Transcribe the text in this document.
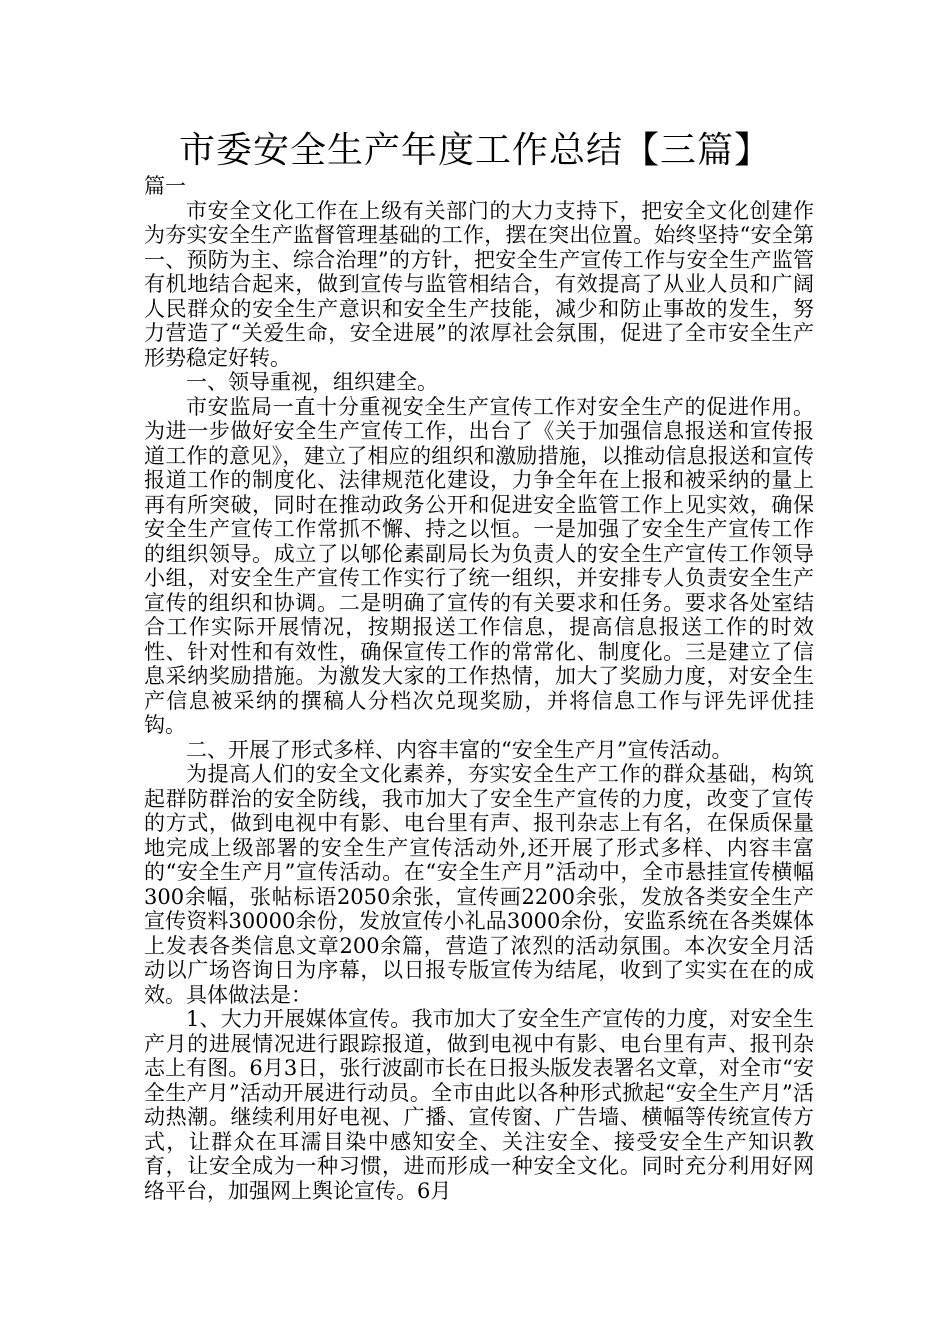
市委安全生产年度工作总结【三篇】

篇一

市安全文化工作在上级有关部门的大力支持下，把安全文化创建作为夯实安全生产监督管理基础的工作，摆在突出位置。始终坚持“安全第一、预防为主、综合治理”的方针，把安全生产宣传工作与安全生产监管有机地结合起来，做到宣传与监管相结合，有效提高了从业人员和广阔人民群众的安全生产意识和安全生产技能，减少和防止事故的发生，努力营造了“关爱生命，安全进展”的浓厚社会氛围，促进了全市安全生产形势稳定好转。

一、领导重视，组织建全。

市安监局一直十分重视安全生产宣传工作对安全生产的促进作用。为进一步做好安全生产宣传工作，出台了《关于加强信息报送和宣传报道工作的意见》，建立了相应的组织和激励措施，以推动信息报送和宣传报道工作的制度化、法律规范化建设，力争全年在上报和被采纳的量上再有所突破，同时在推动政务公开和促进安全监管工作上见实效，确保安全生产宣传工作常抓不懈、持之以恒。一是加强了安全生产宣传工作的组织领导。成立了以郇伦素副局长为负责人的安全生产宣传工作领导小组，对安全生产宣传工作实行了统一组织，并安排专人负责安全生产宣传的组织和协调。二是明确了宣传的有关要求和任务。要求各处室结合工作实际开展情况，按期报送工作信息，提高信息报送工作的时效性、针对性和有效性，确保宣传工作的常常化、制度化。三是建立了信息采纳奖励措施。为激发大家的工作热情，加大了奖励力度，对安全生产信息被采纳的撰稿人分档次兑现奖励，并将信息工作与评先评优挂钩。

二、开展了形式多样、内容丰富的“安全生产月”宣传活动。

为提高人们的安全文化素养，夯实安全生产工作的群众基础，构筑起群防群治的安全防线，我市加大了安全生产宣传的力度，改变了宣传的方式，做到电视中有影、电台里有声、报刊杂志上有名，在保质保量地完成上级部署的安全生产宣传活动外,还开展了形式多样、内容丰富的“安全生产月”宣传活动。在“安全生产月”活动中，全市悬挂宣传横幅300余幅，张帖标语2050余张，宣传画2200余张，发放各类安全生产宣传资料30000余份，发放宣传小礼品3000余份，安监系统在各类媒体上发表各类信息文章200余篇，营造了浓烈的活动氛围。本次安全月活动以广场咨询日为序幕，以日报专版宣传为结尾，收到了实实在在的成效。具体做法是：

1、大力开展媒体宣传。我市加大了安全生产宣传的力度，对安全生产月的进展情况进行跟踪报道，做到电视中有影、电台里有声、报刊杂志上有图。6月3日，张行波副市长在日报头版发表署名文章，对全市“安全生产月”活动开展进行动员。全市由此以各种形式掀起“安全生产月”活动热潮。继续利用好电视、广播、宣传窗、广告墙、横幅等传统宣传方式，让群众在耳濡目染中感知安全、关注安全、接受安全生产知识教育，让安全成为一种习惯，进而形成一种安全文化。同时充分利用好网络平台，加强网上舆论宣传。6月
